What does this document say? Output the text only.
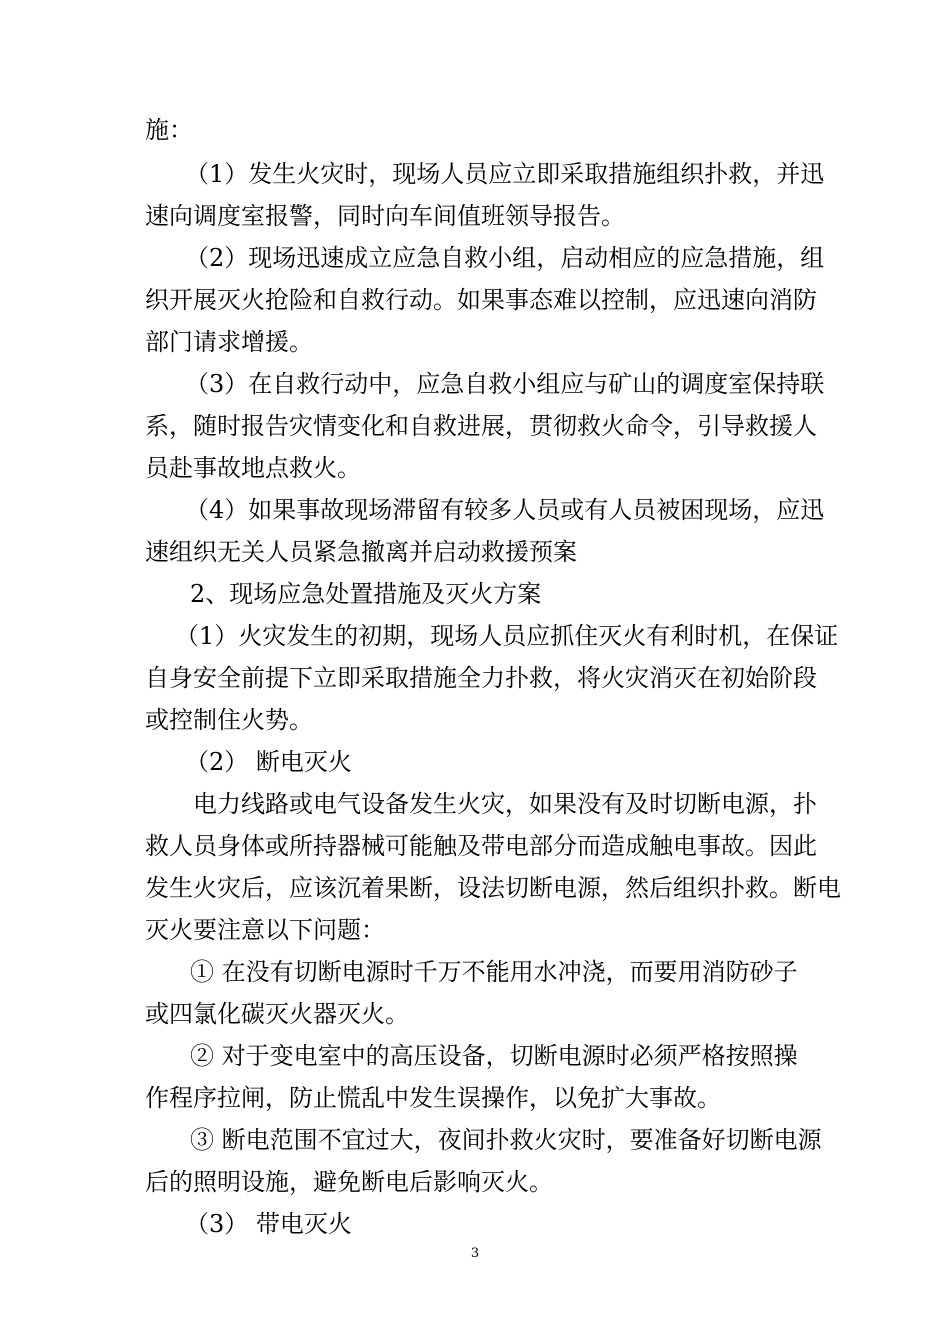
施：
（1）发生火灾时，现场人员应立即采取措施组织扑救，并迅
速向调度室报警，同时向车间值班领导报告。
（2）现场迅速成立应急自救小组，启动相应的应急措施，组
织开展灭火抢险和自救行动。如果事态难以控制，应迅速向消防
部门请求增援。
（3）在自救行动中，应急自救小组应与矿山的调度室保持联
系，随时报告灾情变化和自救进展，贯彻救火命令，引导救援人
员赴事故地点救火。
（4）如果事故现场滞留有较多人员或有人员被困现场，应迅
速组织无关人员紧急撤离并启动救援预案
2、现场应急处置措施及灭火方案
（1）火灾发生的初期，现场人员应抓住灭火有利时机，在保证
自身安全前提下立即采取措施全力扑救，将火灾消灭在初始阶段
或控制住火势。
（2） 断电灭火
电力线路或电气设备发生火灾，如果没有及时切断电源，扑
救人员身体或所持器械可能触及带电部分而造成触电事故。因此
发生火灾后，应该沉着果断，设法切断电源，然后组织扑救。断电
灭火要注意以下问题：
① 在没有切断电源时千万不能用水冲浇，而要用消防砂子
或四氯化碳灭火器灭火。
② 对于变电室中的高压设备，切断电源时必须严格按照操
作程序拉闸，防止慌乱中发生误操作，以免扩大事故。
③ 断电范围不宜过大，夜间扑救火灾时，要准备好切断电源
后的照明设施，避免断电后影响灭火。
（3） 带电灭火
3
